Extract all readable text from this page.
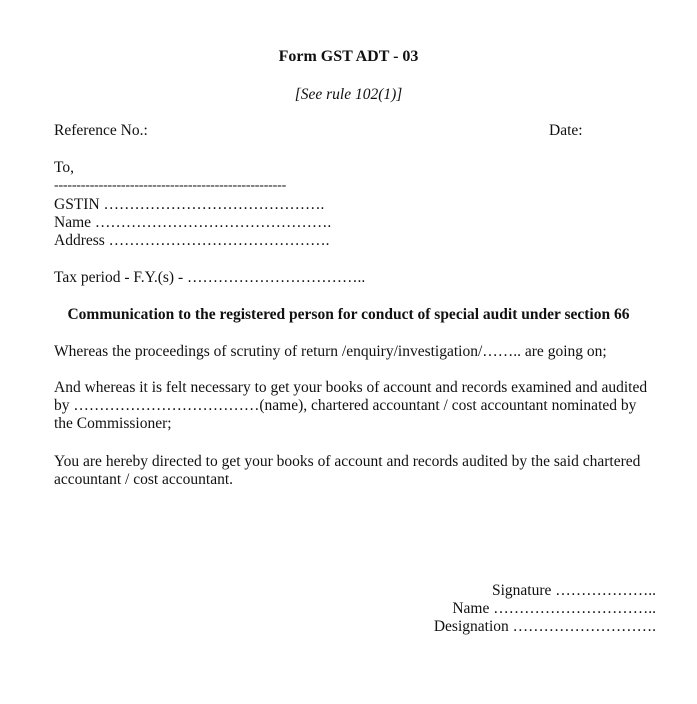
Form GST ADT - 03
[See rule 102(1)]
Reference No.:	Date:
To,
----------------------------------------------------
GSTIN …………………………………….
Name ……………………………………….
Address …………………………………….
Tax period - F.Y.(s) - ……………………………..
Communication to the registered person for conduct of special audit under section 66
Whereas the proceedings of scrutiny of return /enquiry/investigation/…….. are going on;
And whereas it is felt necessary to get your books of account and records examined and audited
by ………………………………(name), chartered accountant / cost accountant nominated by
the Commissioner;
You are hereby directed to get your books of account and records audited by the said chartered
accountant / cost accountant.
Signature ………………..
Name …………………………..
Designation ……………………….
